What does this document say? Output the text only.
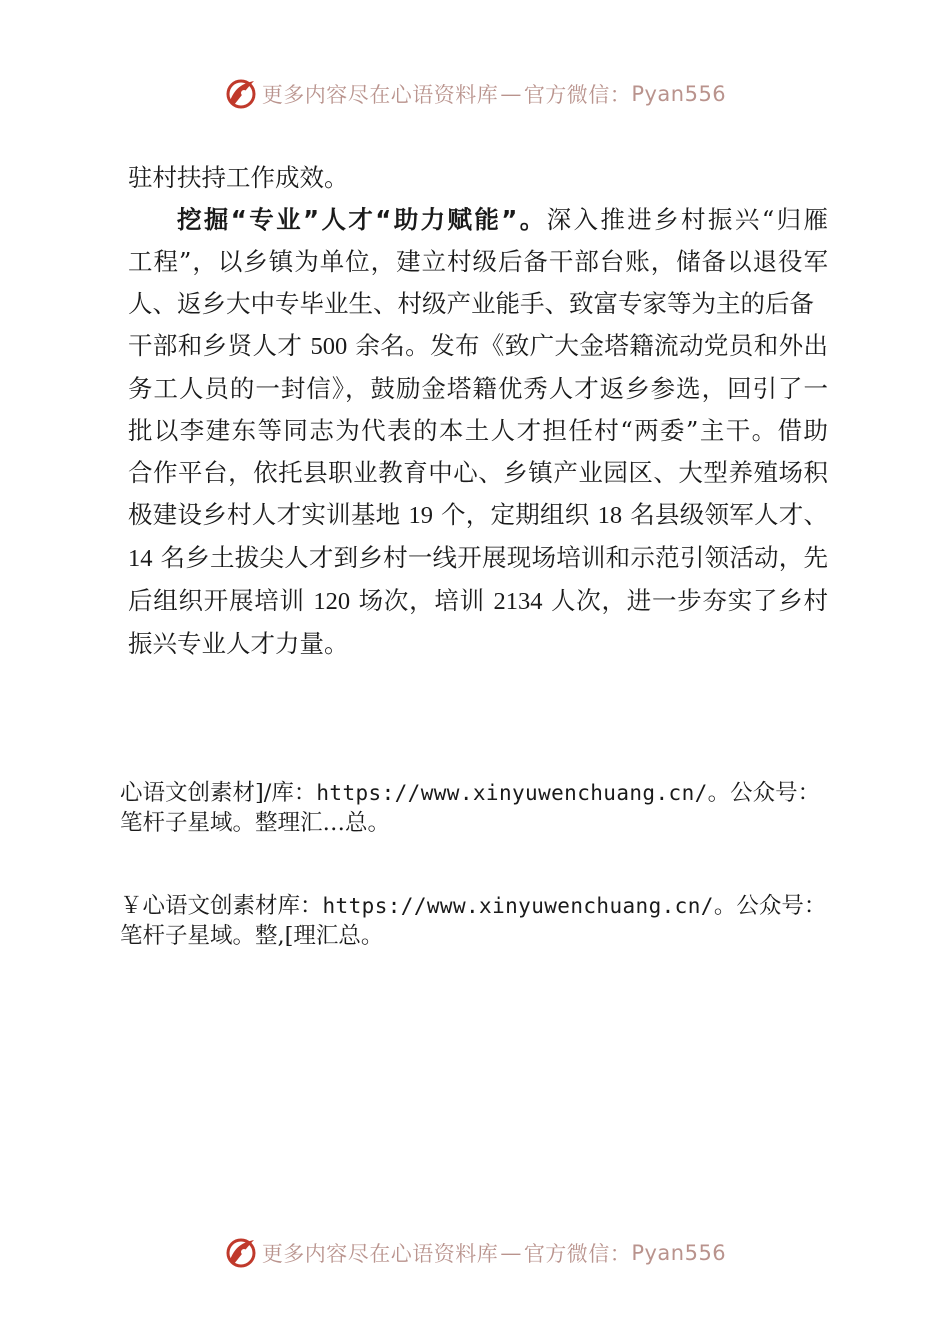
更多内容尽在心语资料库 — 官方微信： Pyan556
驻村扶持工作成效。
挖掘“专业”人才“助力赋能”。深入推进乡村振兴“归雁
工程”，以乡镇为单位，建立村级后备干部台账，储备以退役军
人、返乡大中专毕业生、村级产业能手、致富专家等为主的后备
干部和乡贤人才 500 余名。发布《致广大金塔籍流动党员和外出
务工人员的一封信》，鼓励金塔籍优秀人才返乡参选，回引了一
批以李建东等同志为代表的本土人才担任村“两委”主干。借助
合作平台，依托县职业教育中心、乡镇产业园区、大型养殖场积
极建设乡村人才实训基地 19 个，定期组织 18 名县级领军人才、
14 名乡土拔尖人才到乡村一线开展现场培训和示范引领活动，先
后组织开展培训 120 场次，培训 2134 人次，进一步夯实了乡村
振兴专业人才力量。
心语文创素材]/库：https://www.xinyuwenchuang.cn/。公众号：
笔杆子星域。整理汇…总。
￥心语文创素材库：https://www.xinyuwenchuang.cn/。公众号：
笔杆子星域。整,[理汇总。
更多内容尽在心语资料库 — 官方微信： Pyan556
